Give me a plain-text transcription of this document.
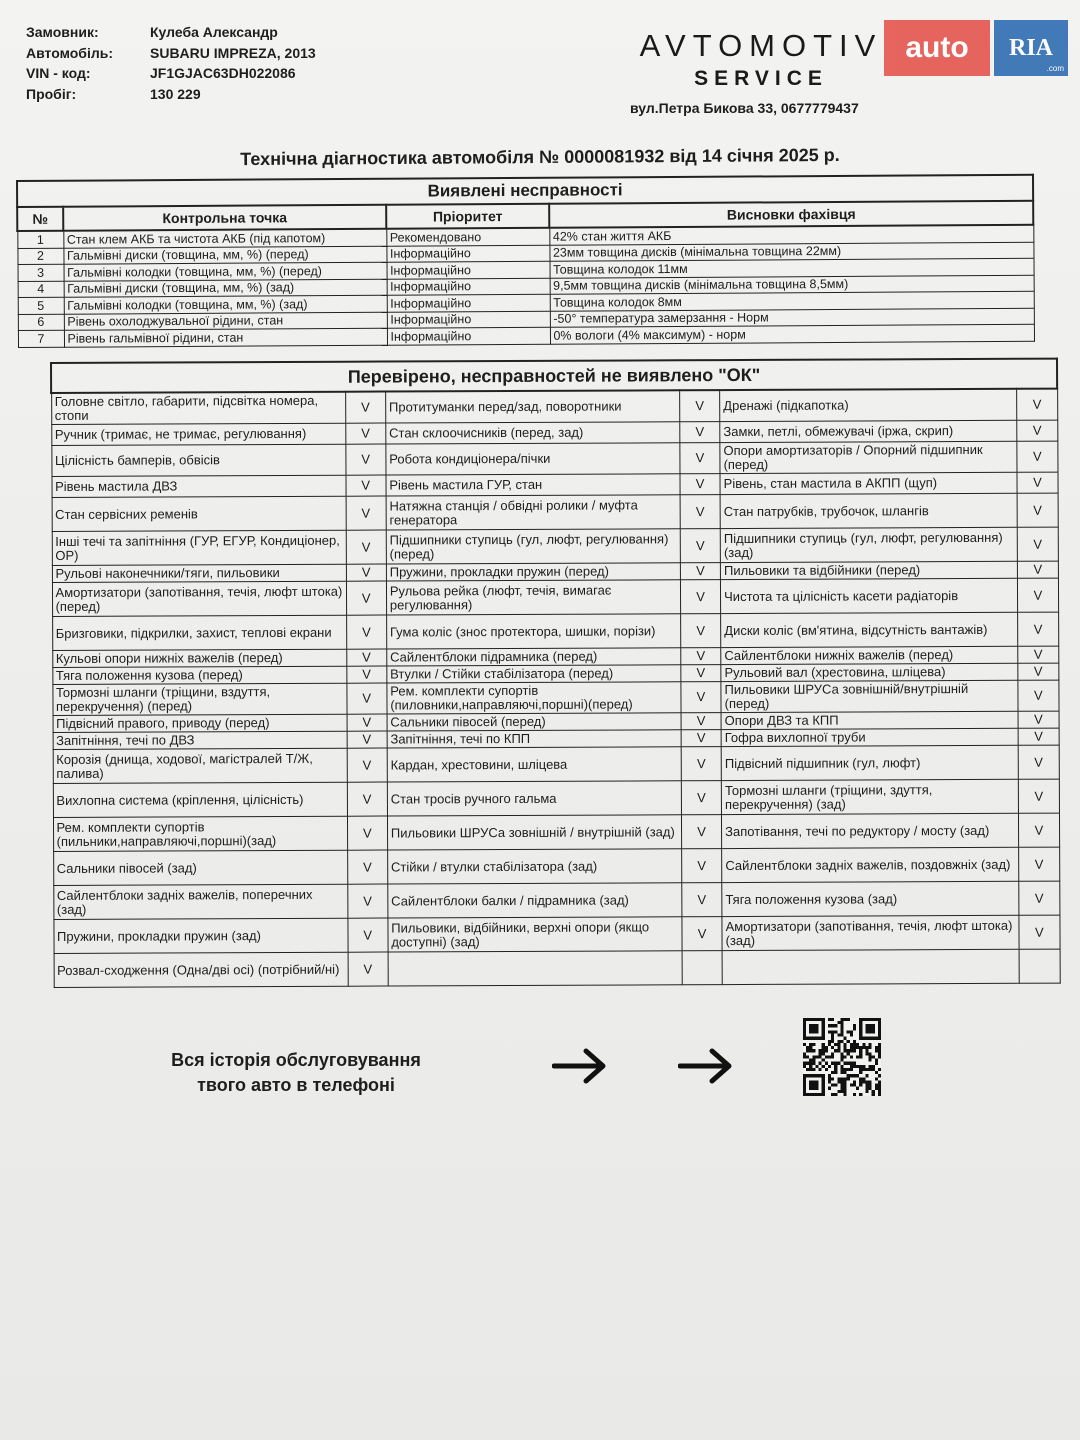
Замовник:	Кулеба Александр
Автомобіль:	SUBARU IMPREZA, 2013
VIN - код:	JF1GJAC63DH022086
Пробіг:	130 229
AVTOMOTIV
SERVICE
вул.Петра Бикова 33, 0677779437
auto	RIA
.com
Технічна діагностика автомобіля № 0000081932 від 14 січня 2025 р.
Виявлені несправності			
№	Контрольна точка	Пріоритет	Висновки фахівця
1	Стан клем АКБ та чистота АКБ (під капотом)	Рекомендовано	42% стан життя АКБ
2	Гальмівні диски (товщина, мм, %) (перед)	Інформаційно	23мм товщина дисків (мінімальна товщина 22мм)
3	Гальмівні колодки (товщина, мм, %) (перед)	Інформаційно	Товщина колодок 11мм
4	Гальмівні диски (товщина, мм, %) (зад)	Інформаційно	9,5мм товщина дисків (мінімальна товщина 8,5мм)
5	Гальмівні колодки (товщина, мм, %) (зад)	Інформаційно	Товщина колодок 8мм
6	Рівень охолоджувальної рідини, стан	Інформаційно	-50° температура замерзання - Норм
7	Рівень гальмівної рідини, стан	Інформаційно	0% вологи (4% максимум) - норм
Перевірено, несправностей не виявлено "ОК"					
Головне світло, габарити, підсвітка номера, стопи	V	Протитуманки перед/зад, поворотники	V	Дренажі (підкапотка)	V
Ручник (тримає, не тримає, регулювання)	V	Стан склоочисників (перед, зад)	V	Замки, петлі, обмежувачі (іржа, скрип)	V
Цілісність бамперів, обвісів	V	Робота кондиціонера/пічки	V	Опори амортизаторів / Опорний підшипник (перед)	V
Рівень мастила ДВЗ	V	Рівень мастила ГУР, стан	V	Рівень, стан мастила в АКПП (щуп)	V
Стан сервісних ременів	V	Натяжна станція / обвідні ролики / муфта генератора	V	Стан патрубків, трубочок, шлангів	V
Інші течі та запітніння (ГУР, ЕГУР, Кондиціонер, ОР)	V	Підшипники ступиць (гул, люфт, регулювання) (перед)	V	Підшипники ступиць (гул, люфт, регулювання) (зад)	V
Рульові наконечники/тяги, пильовики	V	Пружини, прокладки пружин (перед)	V	Пильовики та відбійники (перед)	V
Амортизатори (запотівання, течія, люфт штока) (перед)	V	Рульова рейка (люфт, течія, вимагає регулювання)	V	Чистота та цілісність касети радіаторів	V
Бризговики, підкрилки, захист, теплові екрани	V	Гума коліс (знос протектора, шишки, порізи)	V	Диски коліс (вм'ятина, відсутність вантажів)	V
Кульові опори нижніх важелів (перед)	V	Сайлентблоки підрамника (перед)	V	Сайлентблоки нижніх важелів (перед)	V
Тяга положення кузова (перед)	V	Втулки / Стійки стабілізатора (перед)	V	Рульовий вал (хрестовина, шліцева)	V
Тормозні шланги (тріщини, вздуття, перекручення) (перед)	V	Рем. комплекти супортів (пиловники,направляючі,поршні)(перед)	V	Пильовики ШРУСа зовнішній/внутрішній (перед)	V
Підвісний правого, приводу (перед)	V	Сальники півосей (перед)	V	Опори ДВЗ та КПП	V
Запітніння, течі по ДВЗ	V	Запітніння, течі по КПП	V	Гофра вихлопної труби	V
Корозія (днища, ходової, магістралей Т/Ж, палива)	V	Кардан, хрестовини, шліцева	V	Підвісний підшипник (гул, люфт)	V
Вихлопна система (кріплення, цілісність)	V	Стан тросів ручного гальма	V	Тормозні шланги (тріщини, здуття, перекручення) (зад)	V
Рем. комплекти супортів (пильники,направляючі,поршні)(зад)	V	Пильовики ШРУСа зовнішній / внутрішній (зад)	V	Запотівання, течі по редуктору / мосту (зад)	V
Сальники півосей (зад)	V	Стійки / втулки стабілізатора (зад)	V	Сайлентблоки задніх важелів, поздовжніх (зад)	V
Сайлентблоки задніх важелів, поперечних (зад)	V	Сайлентблоки балки / підрамника (зад)	V	Тяга положення кузова (зад)	V
Пружини, прокладки пружин (зад)	V	Пильовики, відбійники, верхні опори (якщо доступні) (зад)	V	Амортизатори (запотівання, течія, люфт штока) (зад)	V
Розвал-сходження (Одна/дві осі) (потрібний/ні)	V				
Вся історія обслуговування
твого авто в телефоні
